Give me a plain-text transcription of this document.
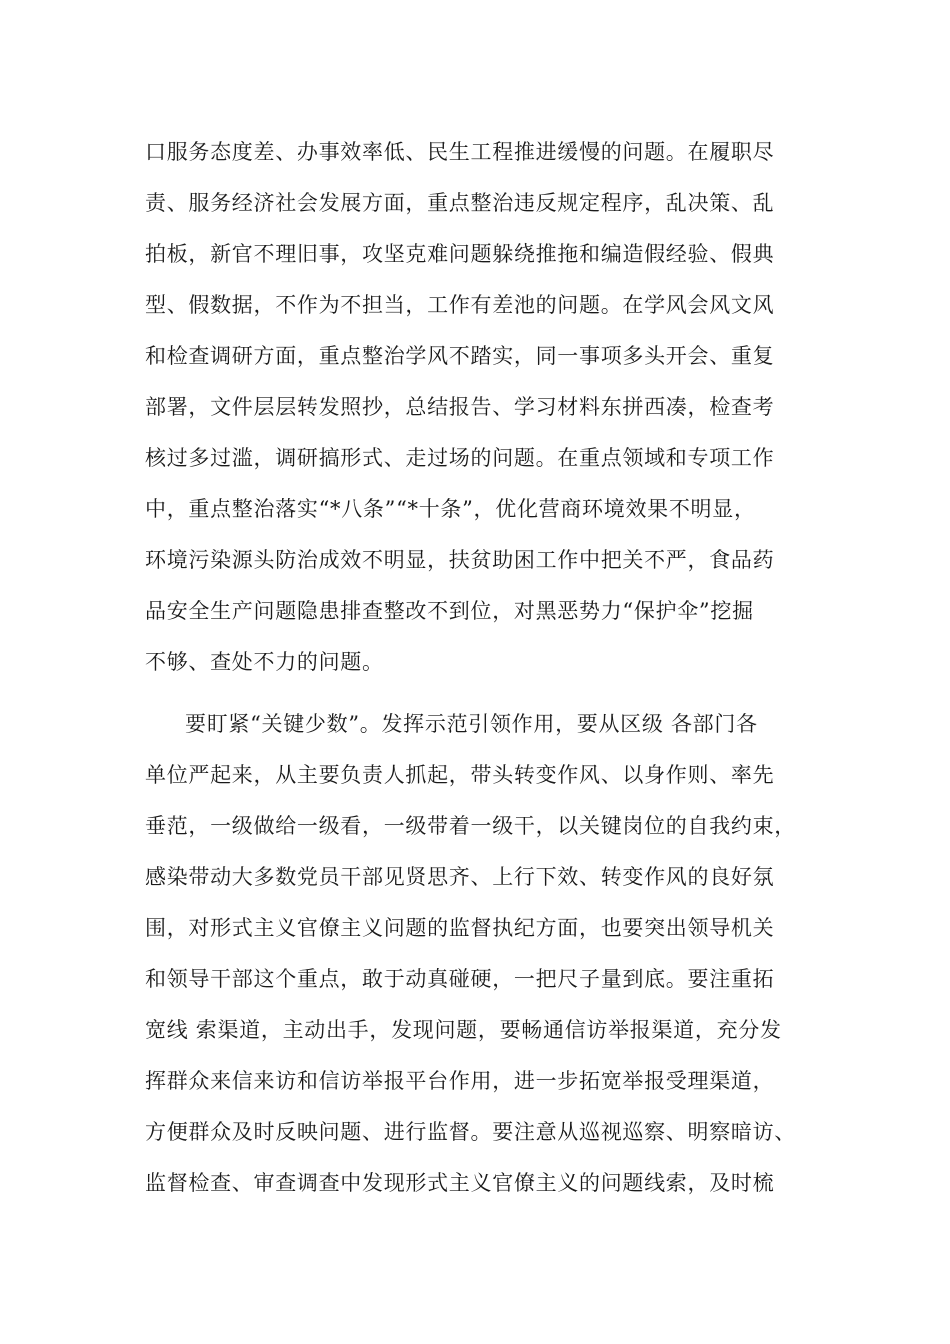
口服务态度差、办事效率低、民生工程推进缓慢的问题。在履职尽
责、服务经济社会发展方面，重点整治违反规定程序，乱决策、乱
拍板，新官不理旧事，攻坚克难问题躲绕推拖和编造假经验、假典
型、假数据，不作为不担当，工作有差池的问题。在学风会风文风
和检查调研方面，重点整治学风不踏实，同一事项多头开会、重复
部署，文件层层转发照抄，总结报告、学习材料东拼西凑，检查考
核过多过滥，调研搞形式、走过场的问题。在重点领域和专项工作
中，重点整治落实“*八条”“*十条”，优化营商环境效果不明显，
环境污染源头防治成效不明显，扶贫助困工作中把关不严，食品药
品安全生产问题隐患排查整改不到位，对黑恶势力“保护伞”挖掘
不够、查处不力的问题。
要盯紧“关键少数”。发挥示范引领作用，要从区级 各部门各
单位严起来，从主要负责人抓起，带头转变作风、以身作则、率先
垂范，一级做给一级看，一级带着一级干，以关键岗位的自我约束，
感染带动大多数党员干部见贤思齐、上行下效、转变作风的良好氛
围，对形式主义官僚主义问题的监督执纪方面，也要突出领导机关
和领导干部这个重点，敢于动真碰硬，一把尺子量到底。要注重拓
宽线 索渠道，主动出手，发现问题，要畅通信访举报渠道，充分发
挥群众来信来访和信访举报平台作用，进一步拓宽举报受理渠道，
方便群众及时反映问题、进行监督。要注意从巡视巡察、明察暗访、
监督检查、审查调查中发现形式主义官僚主义的问题线索，及时梳
